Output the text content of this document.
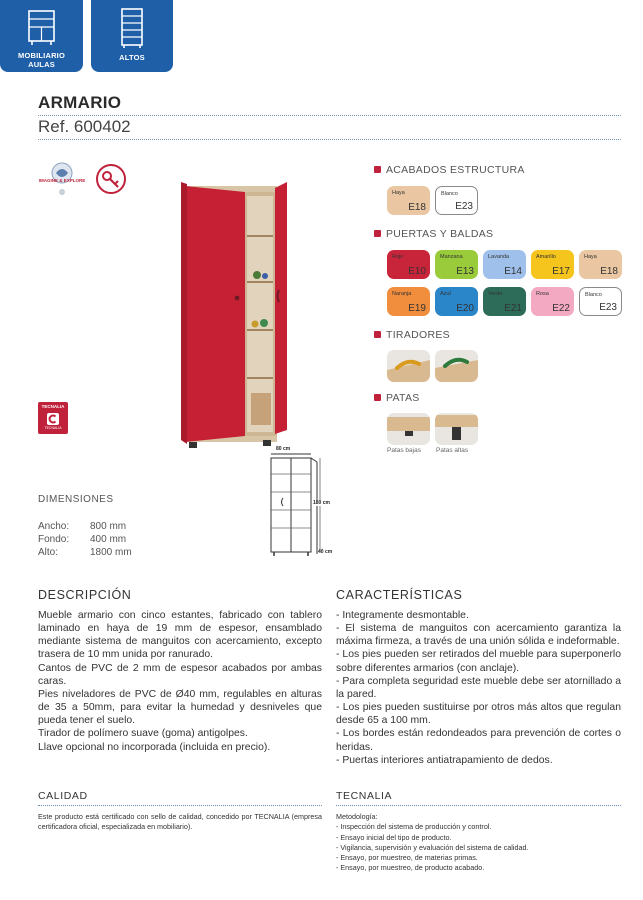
MOBILIARIO
AULAS
ALTOS
ARMARIO
Ref. 600402
IMAGINE & EXPLORE
TECNALIA
TECNALIA
80 cm
180 cm
40 cm
ACABADOS ESTRUCTURA
Haya
E18
Blanco
E23
PUERTAS Y BALDAS
Rojo
E10
Manzana
E13
Lavanda
E14
Amarillo
E17
Haya
E18
Naranja
E19
Azul
E20
Verde
E21
Rosa
E22
Blanco
E23
TIRADORES
PATAS
Patas bajas Patas altas
DIMENSIONES
Ancho: 800 mm
Fondo: 400 mm
Alto:	1800 mm
DESCRIPCIÓN

Mueble armario con cinco estantes, fabricado con tablero laminado en haya de 19 mm de espesor, ensamblado mediante sistema de manguitos con acercamiento, excepto trasera de 10 mm unida por ranurado.

Cantos de PVC de 2 mm de espesor acabados por ambas caras.

Pies niveladores de PVC de Ø40 mm, regulables en alturas de 35 a 50mm, para evitar la humedad y desniveles que pueda tener el suelo.

Tirador de polímero suave (goma) antigolpes.

Llave opcional no incorporada (incluida en precio).

CARACTERÍSTICAS

- Integramente desmontable.

- El sistema de manguitos con acercamiento garantiza la máxima firmeza, a través de una unión sólida e indeformable.

- Los pies pueden ser retirados del mueble para superponerlo sobre diferentes armarios (con anclaje).

- Para completa seguridad este mueble debe ser atornillado a la pared.

- Los pies pueden sustituirse por otros más altos que regulan desde 65 a 100 mm.

- Los bordes están redondeados para prevención de cortes o heridas.

- Puertas interiores antiatrapamiento de dedos.

CALIDAD

Este producto está certificado con sello de calidad, concedido por TECNALIA (empresa certificadora oficial, especializada en mobiliario).

TECNALIA

Metodología:

- Inspección del sistema de producción y control.

- Ensayo inicial del tipo de producto.

- Vigilancia, supervisión y evaluación del sistema de calidad.

- Ensayo, por muestreo, de materias primas.

- Ensayo, por muestreo, de producto acabado.
